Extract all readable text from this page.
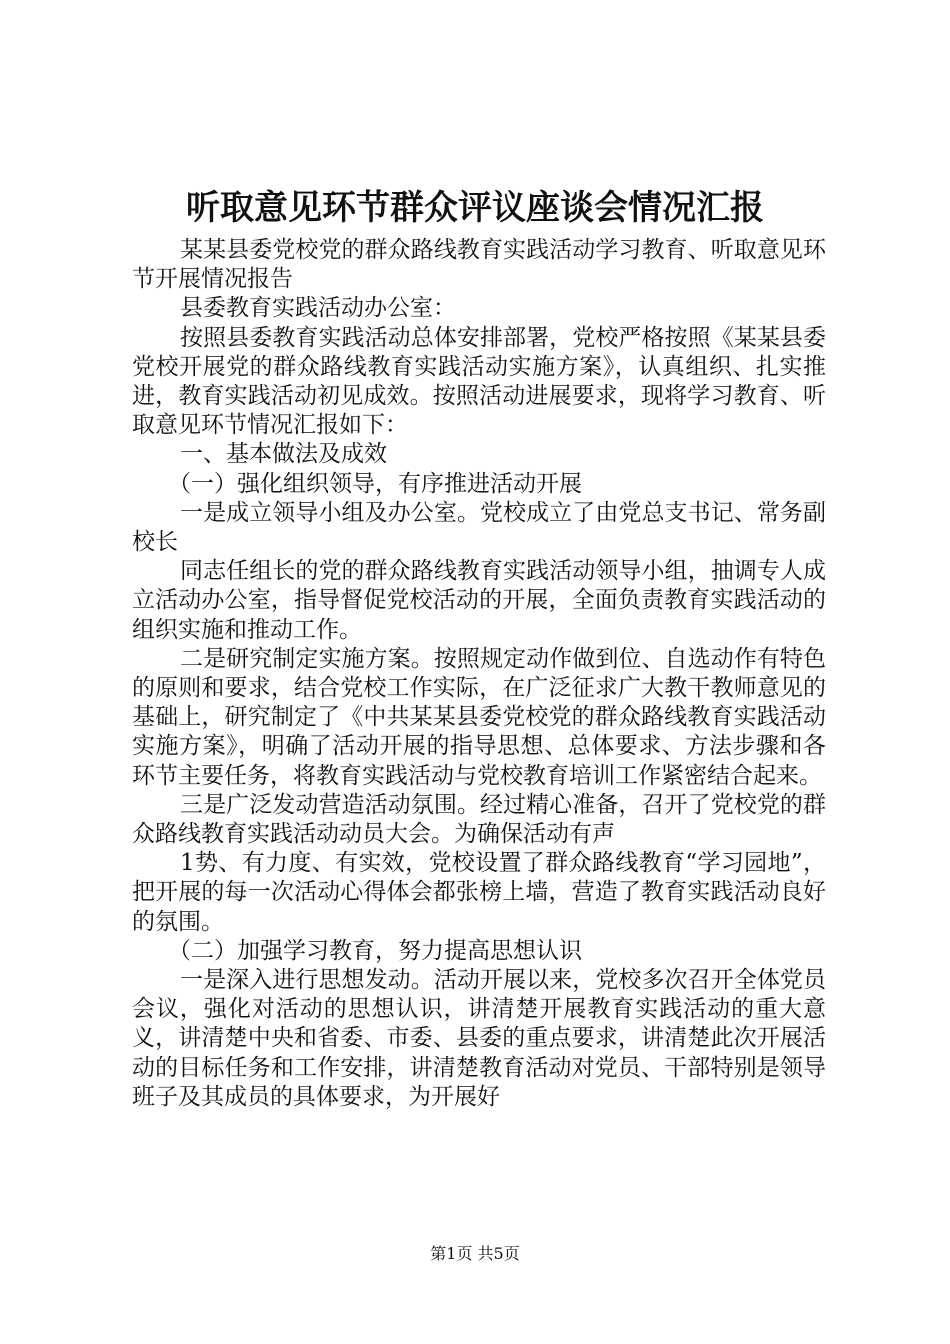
听取意见环节群众评议座谈会情况汇报

某某县委党校党的群众路线教育实践活动学习教育、听取意见环节开展情况报告

县委教育实践活动办公室：

按照县委教育实践活动总体安排部署，党校严格按照《某某县委党校开展党的群众路线教育实践活动实施方案》，认真组织、扎实推进，教育实践活动初见成效。按照活动进展要求，现将学习教育、听取意见环节情况汇报如下：

一、基本做法及成效

（一）强化组织领导，有序推进活动开展

一是成立领导小组及办公室。党校成立了由党总支书记、常务副校长

同志任组长的党的群众路线教育实践活动领导小组，抽调专人成立活动办公室，指导督促党校活动的开展，全面负责教育实践活动的组织实施和推动工作。

二是研究制定实施方案。按照规定动作做到位、自选动作有特色的原则和要求，结合党校工作实际，在广泛征求广大教干教师意见的基础上，研究制定了《中共某某县委党校党的群众路线教育实践活动实施方案》，明确了活动开展的指导思想、总体要求、方法步骤和各环节主要任务，将教育实践活动与党校教育培训工作紧密结合起来。

三是广泛发动营造活动氛围。经过精心准备，召开了党校党的群众路线教育实践活动动员大会。为确保活动有声

1势、有力度、有实效，党校设置了群众路线教育“学习园地”，把开展的每一次活动心得体会都张榜上墙，营造了教育实践活动良好的氛围。

（二）加强学习教育，努力提高思想认识

一是深入进行思想发动。活动开展以来，党校多次召开全体党员会议，强化对活动的思想认识，讲清楚开展教育实践活动的重大意义，讲清楚中央和省委、市委、县委的重点要求，讲清楚此次开展活动的目标任务和工作安排，讲清楚教育活动对党员、干部特别是领导班子及其成员的具体要求，为开展好

第1页 共5页
